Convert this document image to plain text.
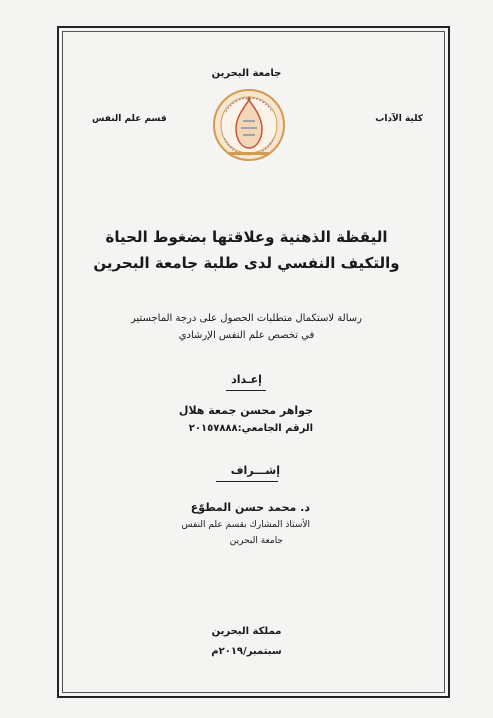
جامعة البحرين
كلية الآداب
قسم علم النفس
اليقظة الذهنية وعلاقتها بضغوط الحياة
والتكيف النفسي لدى طلبة جامعة البحرين
رسالة لاستكمال متطلبات الحصول على درجة الماجستير
في تخصص علم النفس الإرشادي
إعـداد
جواهر محسن جمعة هلال
الرقم الجامعي:٢٠١٥٧٨٨٨
إشـــراف
د. محمد حسن المطوّع
الأستاذ المشارك بقسم علم النفس
جامعة البحرين
مملكة البحرين
سبتمبر/٢٠١٩م
